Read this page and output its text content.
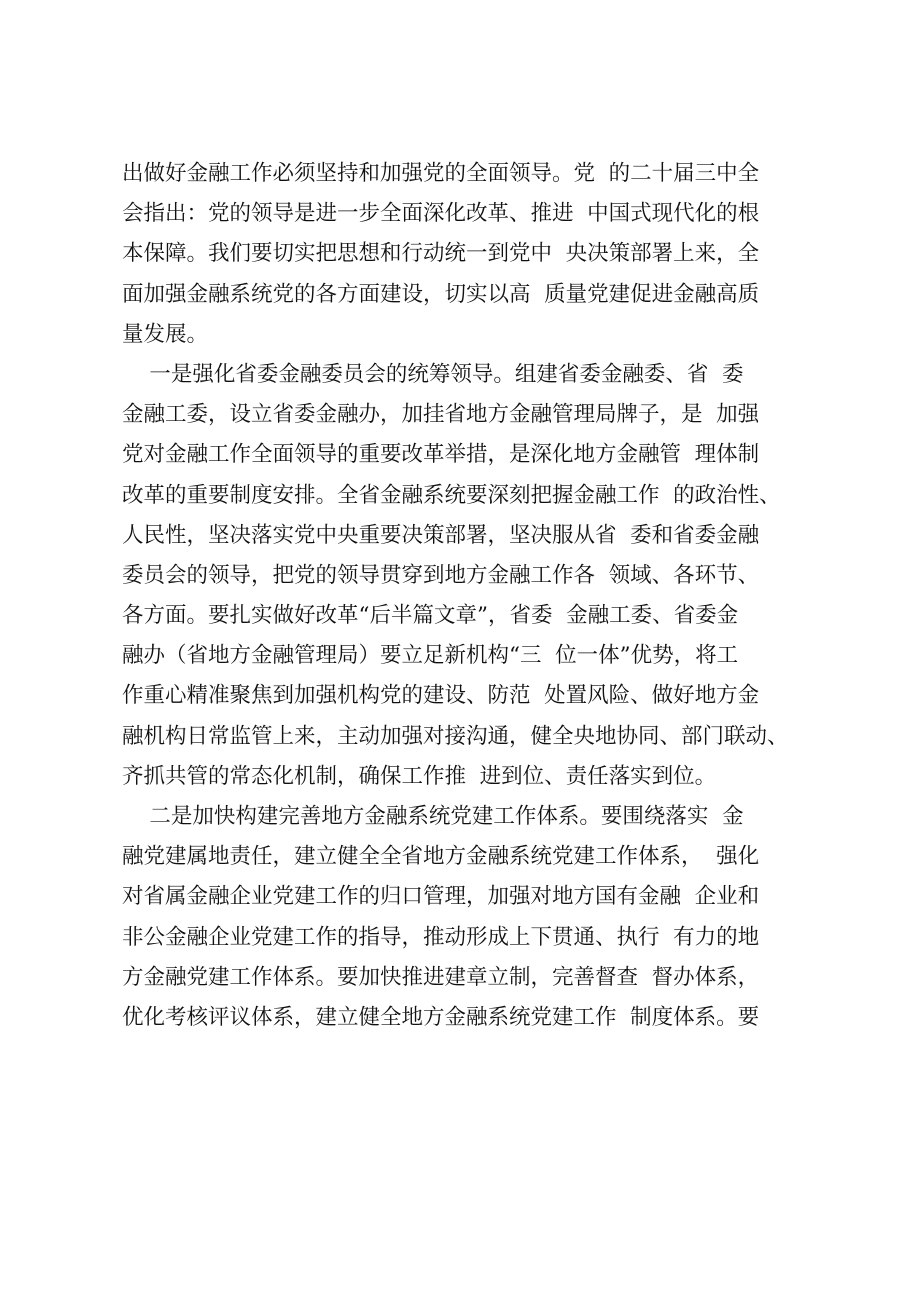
出做好金融工作必须坚持和加强党的全面领导。党  的二十届三中全
会指出：党的领导是进一步全面深化改革、推进  中国式现代化的根
本保障。我们要切实把思想和行动统一到党中  央决策部署上来，全
面加强金融系统党的各方面建设，切实以高  质量党建促进金融高质
量发展。
一是强化省委金融委员会的统筹领导。组建省委金融委、省  委
金融工委，设立省委金融办，加挂省地方金融管理局牌子，是  加强
党对金融工作全面领导的重要改革举措，是深化地方金融管  理体制
改革的重要制度安排。全省金融系统要深刻把握金融工作  的政治性、
人民性，坚决落实党中央重要决策部署，坚决服从省  委和省委金融
委员会的领导，把党的领导贯穿到地方金融工作各  领域、各环节、
各方面。要扎实做好改革“后半篇文章”，省委  金融工委、省委金
融办（省地方金融管理局）要立足新机构“三  位一体”优势，将工
作重心精准聚焦到加强机构党的建设、防范  处置风险、做好地方金
融机构日常监管上来，主动加强对接沟通，健全央地协同、部门联动、
齐抓共管的常态化机制，确保工作推  进到位、责任落实到位。
二是加快构建完善地方金融系统党建工作体系。要围绕落实  金
融党建属地责任，建立健全全省地方金融系统党建工作体系，  强化
对省属金融企业党建工作的归口管理，加强对地方国有金融  企业和
非公金融企业党建工作的指导，推动形成上下贯通、执行  有力的地
方金融党建工作体系。要加快推进建章立制，完善督查  督办体系，
优化考核评议体系，建立健全地方金融系统党建工作  制度体系。要
